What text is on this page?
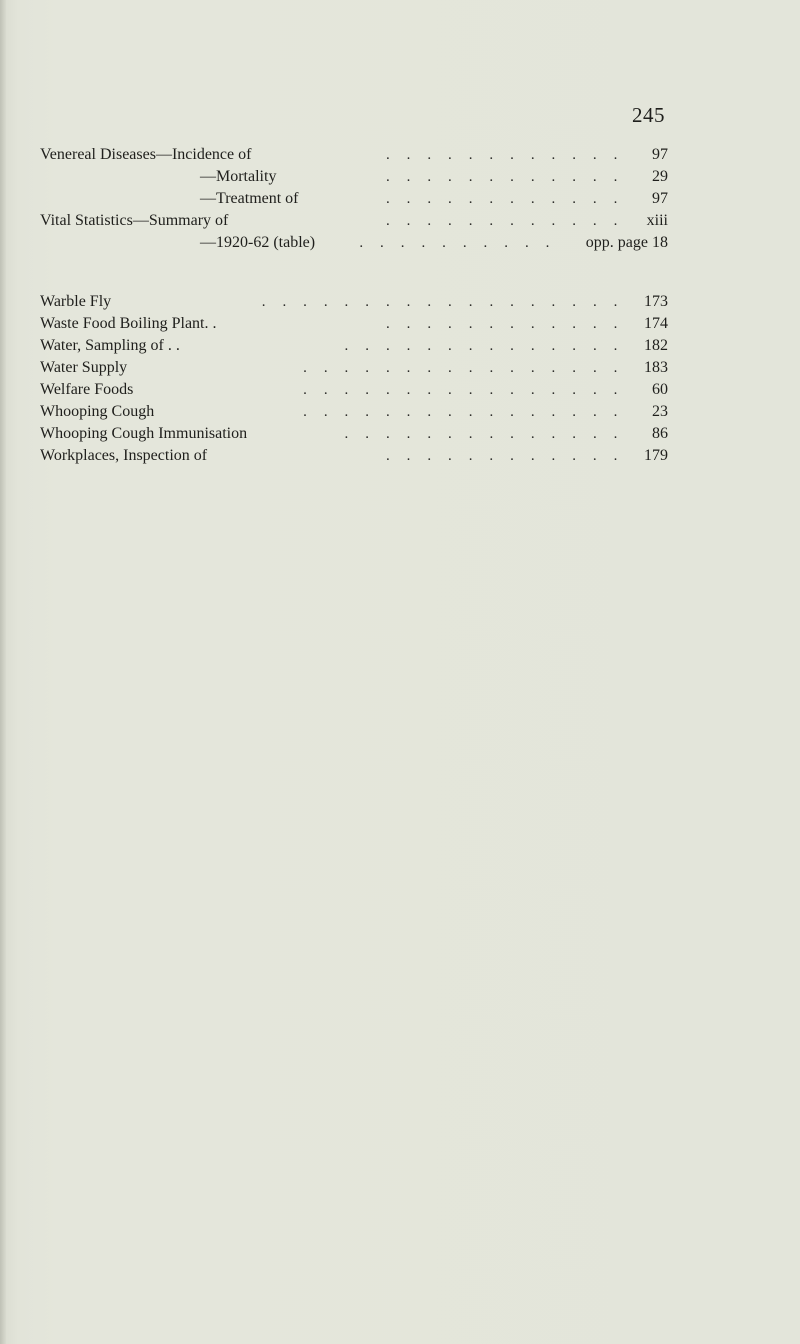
245
Venereal Diseases—Incidence of	. . . . . . . . . . . . 97
—Mortality	. . . . . . . . . . . . 29
—Treatment of	. . . . . . . . . . . . 97
Vital Statistics—Summary of	. . . . . . . . . . . . xiii
—1920-62 (table)	. . . . . . . . . . opp. page 18
Warble Fly	. . . . . . . . . . . . . . . . . . 173
Waste Food Boiling Plant. .	. . . . . . . . . . . . 174
Water, Sampling of . .	. . . . . . . . . . . . . . 182
Water Supply	. . . . . . . . . . . . . . . . 183
Welfare Foods	. . . . . . . . . . . . . . . . 60
Whooping Cough	. . . . . . . . . . . . . . . . 23
Whooping Cough Immunisation	. . . . . . . . . . . . . . 86
Workplaces, Inspection of	. . . . . . . . . . . . 179
